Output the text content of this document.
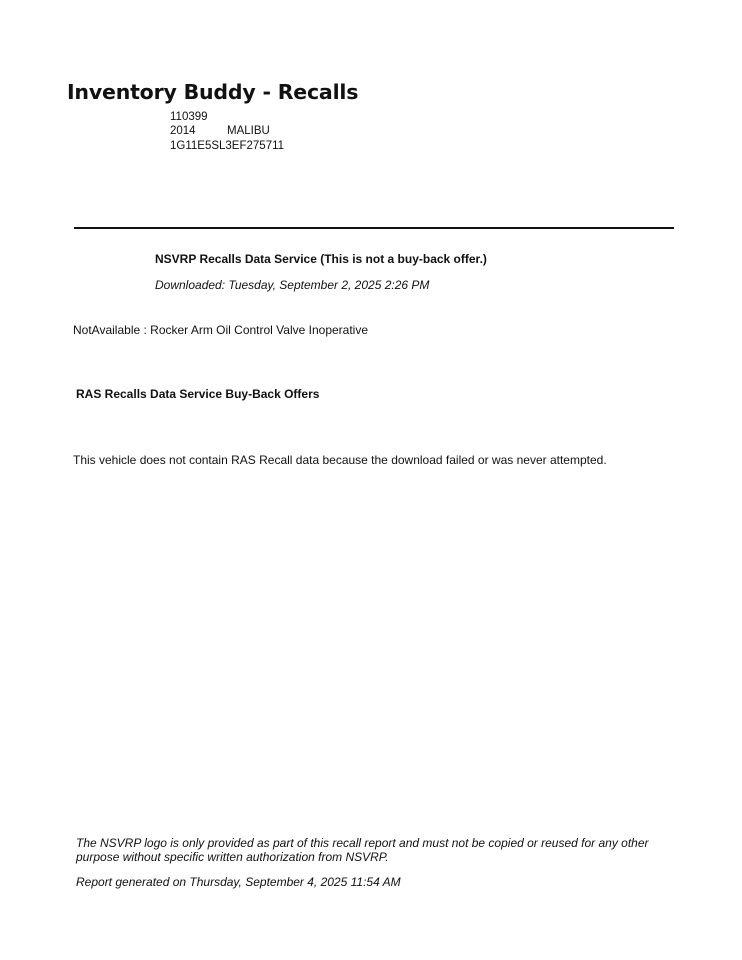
Inventory Buddy - Recalls
110399
2014	MALIBU
1G11E5SL3EF275711
NSVRP Recalls Data Service (This is not a buy-back offer.)
Downloaded: Tuesday, September 2, 2025 2:26 PM
NotAvailable : Rocker Arm Oil Control Valve Inoperative
RAS Recalls Data Service Buy-Back Offers
This vehicle does not contain RAS Recall data because the download failed or was never attempted.
The NSVRP logo is only provided as part of this recall report and must not be copied or reused for any other purpose without specific written authorization from NSVRP.
Report generated on Thursday, September 4, 2025 11:54 AM
